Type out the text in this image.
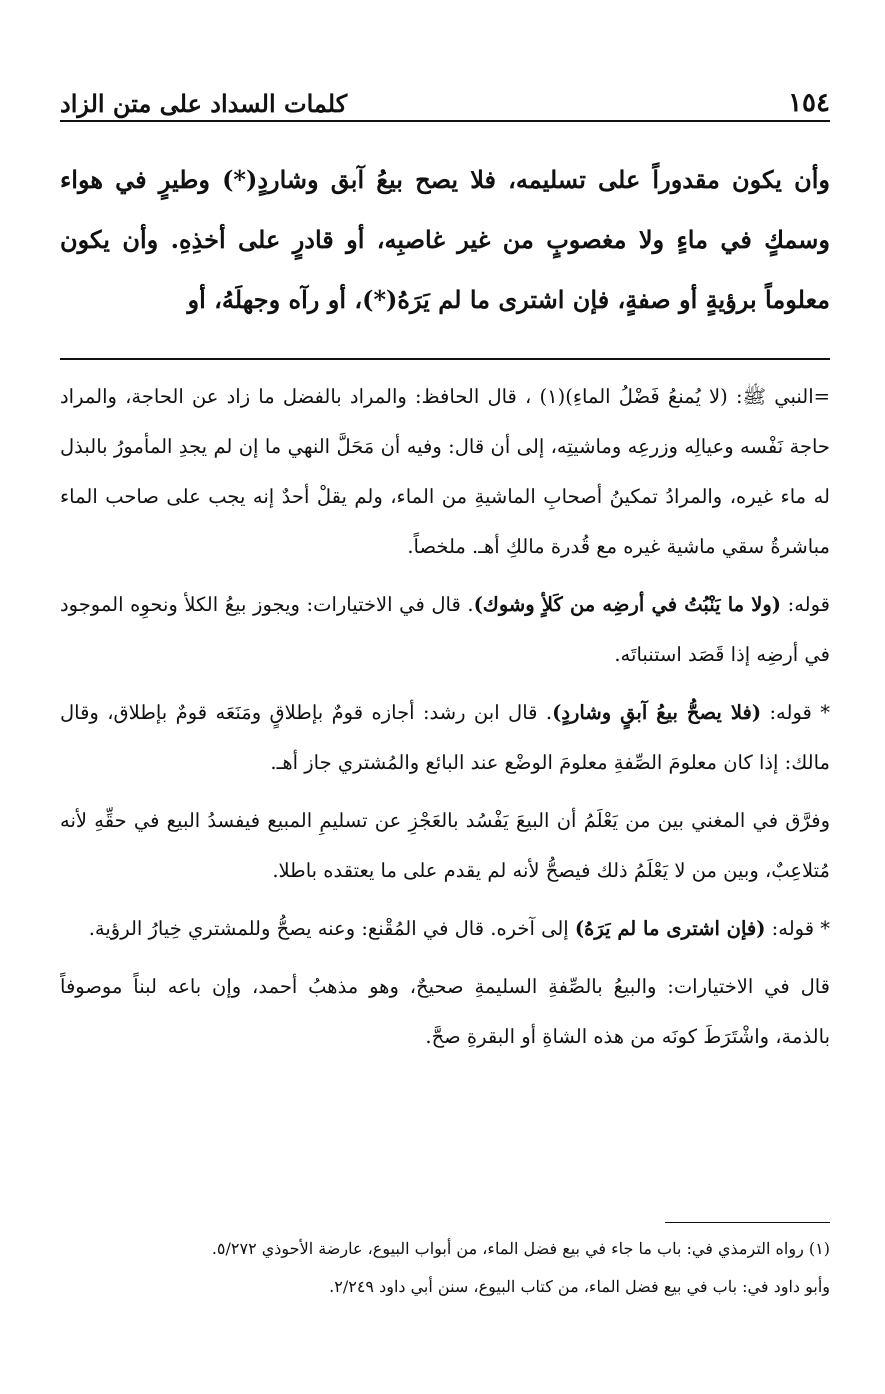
١٥٤
كلمات السداد على متن الزاد

وأن يكون مقدوراً على تسليمه، فلا يصح بيعُ آبق وشاردٍ(*) وطيرٍ في هواء وسمكٍ في ماءٍ ولا مغصوبٍ من غير غاصبِه، أو قادرٍ على أخذِهِ. وأن يكون معلوماً برؤيةٍ أو صفةٍ، فإن اشترى ما لم يَرَهُ(*)، أو رآه وجهلَهُ، أو

=النبي ﷺ: (لا يُمنعُ فَضْلُ الماءِ)(١) ، قال الحافظ: والمراد بالفضل ما زاد عن الحاجة، والمراد حاجة نَفْسه وعيالِه وزرعِه وماشيتِه، إلى أن قال: وفيه أن مَحَلَّ النهي ما إن لم يجدِ المأمورُ بالبذل له ماء غيره، والمرادُ تمكينُ أصحابِ الماشيةِ من الماء، ولم يقلْ أحدٌ إنه يجب على صاحب الماء مباشرةُ سقي ماشية غيره مع قُدرة مالكِ أهـ. ملخصاً.

قوله: (ولا ما يَنْبُتُ في أرضِه من كَلأٍ وشوك). قال في الاختيارات: ويجوز بيعُ الكلأ ونحوِه الموجود في أرضِه إذا قَصَد استنباتَه.

* قوله: (فلا يصحُّ بيعُ آبقٍ وشاردٍ). قال ابن رشد: أجازه قومٌ بإطلاقٍ ومَنَعَه قومٌ بإطلاق، وقال مالك: إذا كان معلومَ الصِّفةِ معلومَ الوضْع عند البائع والمُشتري جاز أهـ.

وفرَّق في المغني بين من يَعْلَمُ أن البيعَ يَفْسُد بالعَجْزِ عن تسليمِ المبيع فيفسدُ البيع في حقِّهِ لأنه مُتلاعِبٌ، وبين من لا يَعْلَمُ ذلك فيصحُّ لأنه لم يقدم على ما يعتقده باطلا.

* قوله: (فإن اشترى ما لم يَرَهُ) إلى آخره. قال في المُقْنع: وعنه يصحُّ وللمشتري خِيارُ الرؤية.

قال في الاختيارات: والبيعُ بالصِّفةِ السليمةِ صحيحٌ، وهو مذهبُ أحمد، وإن باعه لبناً موصوفاً بالذمة، واشْتَرَطَ كونَه من هذه الشاةِ أو البقرةِ صحَّ.

(١) رواه الترمذي في: باب ما جاء في بيع فضل الماء، من أبواب البيوع، عارضة الأحوذي ٥/٢٧٢.

وأبو داود في: باب في بيع فضل الماء، من كتاب البيوع، سنن أبي داود ٢/٢٤٩.
